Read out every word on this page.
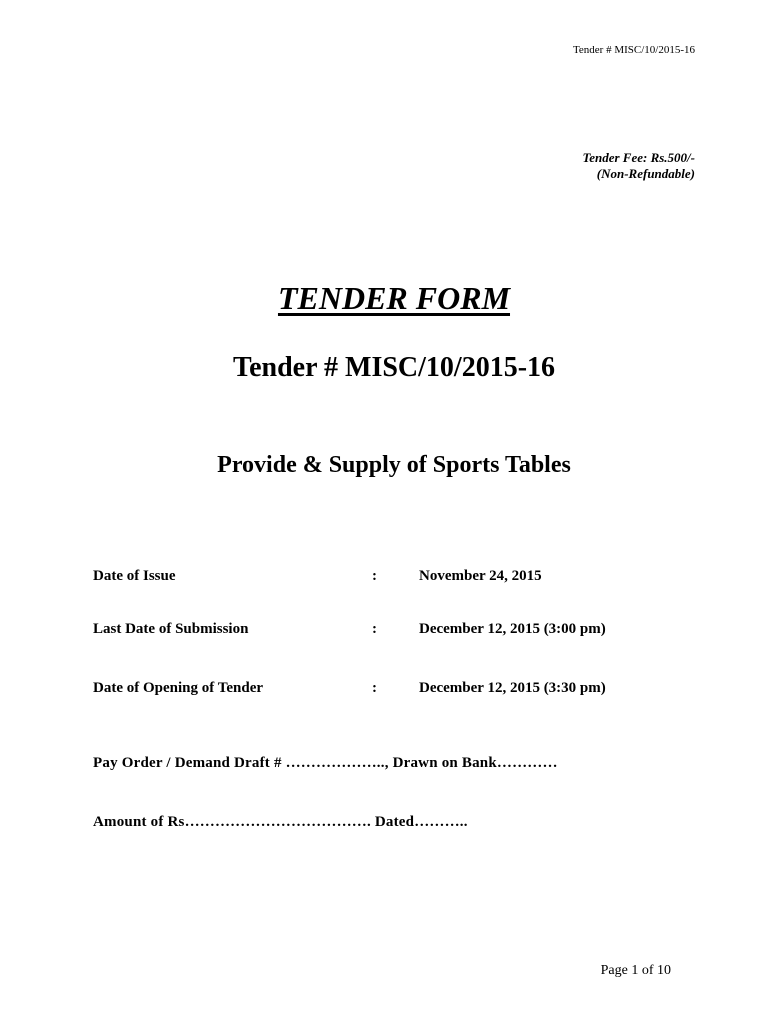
Tender # MISC/10/2015-16
Tender Fee: Rs.500/-
(Non-Refundable)
TENDER FORM
Tender # MISC/10/2015-16
Provide & Supply of Sports Tables
Date of Issue	:	November 24, 2015
Last Date of Submission	:	December 12, 2015 (3:00 pm)
Date of Opening of Tender	:	December 12, 2015 (3:30 pm)
Pay Order / Demand Draft # ……………….., Drawn on Bank…………
Amount of Rs………………………………. Dated………..
Page 1 of 10
